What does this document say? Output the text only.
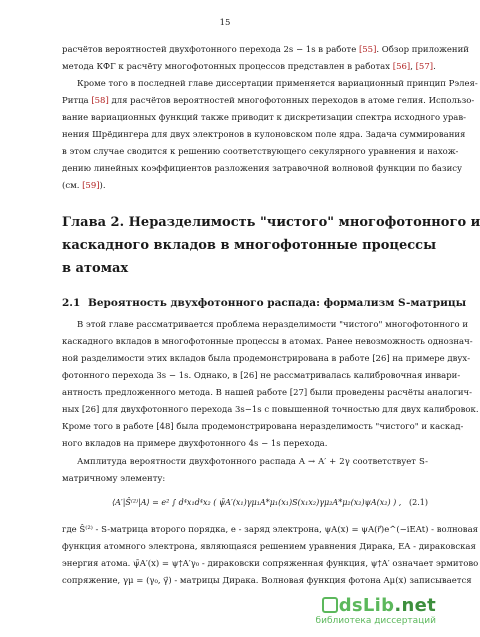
15
расчётов вероятностей двухфотонного перехода 2s − 1s в работе [55]. Обзор приложений
метода КФГ к расчёту многофотонных процессов представлен в работах [56], [57].
Кроме того в последней главе диссертации применяется вариационный принцип Рэлея-
Ритца [58] для расчётов вероятностей многофотонных переходов в атоме гелия. Использо-
вание вариационных функций также приводит к дискретизации спектра исходного урав-
нения Шрёдингера для двух электронов в кулоновском поле ядра. Задача суммирования
в этом случае сводится к решению соответствующего секулярного уравнения и нахож-
дению линейных коэффициентов разложения затравочной волновой функции по базису
(см. [59]).
Глава 2. Неразделимость "чистого" многофотонного и
каскадного вкладов в многофотонные процессы
в атомах
2.1 Вероятность двухфотонного распада: формализм S-матрицы
В этой главе рассматривается проблема неразделимости "чистого" многофотонного и
каскадного вкладов в многофотонные процессы в атомах. Ранее невозможность однознач-
ной разделимости этих вкладов была продемонстрирована в работе [26] на примере двух-
фотонного перехода 3s − 1s. Однако, в [26] не рассматривалась калибровочная инвари-
антность предложенного метода. В нашей работе [27] были проведены расчёты аналогич-
ных [26] для двухфотонного перехода 3s−1s с повышенной точностью для двух калибровок.
Кроме того в работе [48] была продемонстрирована неразделимость "чистого" и каскад-
ного вкладов на примере двухфотонного 4s − 1s перехода.
Амплитуда вероятности двухфотонного распада A → A′ + 2γ соответствует S-
матричному элементу:
⟨A′|Ŝ⁽²⁾|A⟩ = e² ∫ d⁴x₁d⁴x₂ ( ψ̄A′(x₁)γμ₁A*μ₁(x₁)S(x₁x₂)γμ₂A*μ₂(x₂)ψA(x₂) ) , (2.1)
где Ŝ⁽²⁾ - S-матрица второго порядка, e - заряд электрона, ψA(x) = ψA(r⃗)e^(−iEAt) - волновая
функция атомного электрона, являющаяся решением уравнения Дирака, EA - дираковская
энергия атома. ψ̄A′(x) = ψ†A′γ₀ - дираковски сопряженная функция, ψ†A′ означает эрмитово
сопряжение, γμ = (γ₀, γ⃗) - матрицы Дирака. Волновая функция фотона Aμ(x) записывается
dsLib.net
библиотека диссертаций
